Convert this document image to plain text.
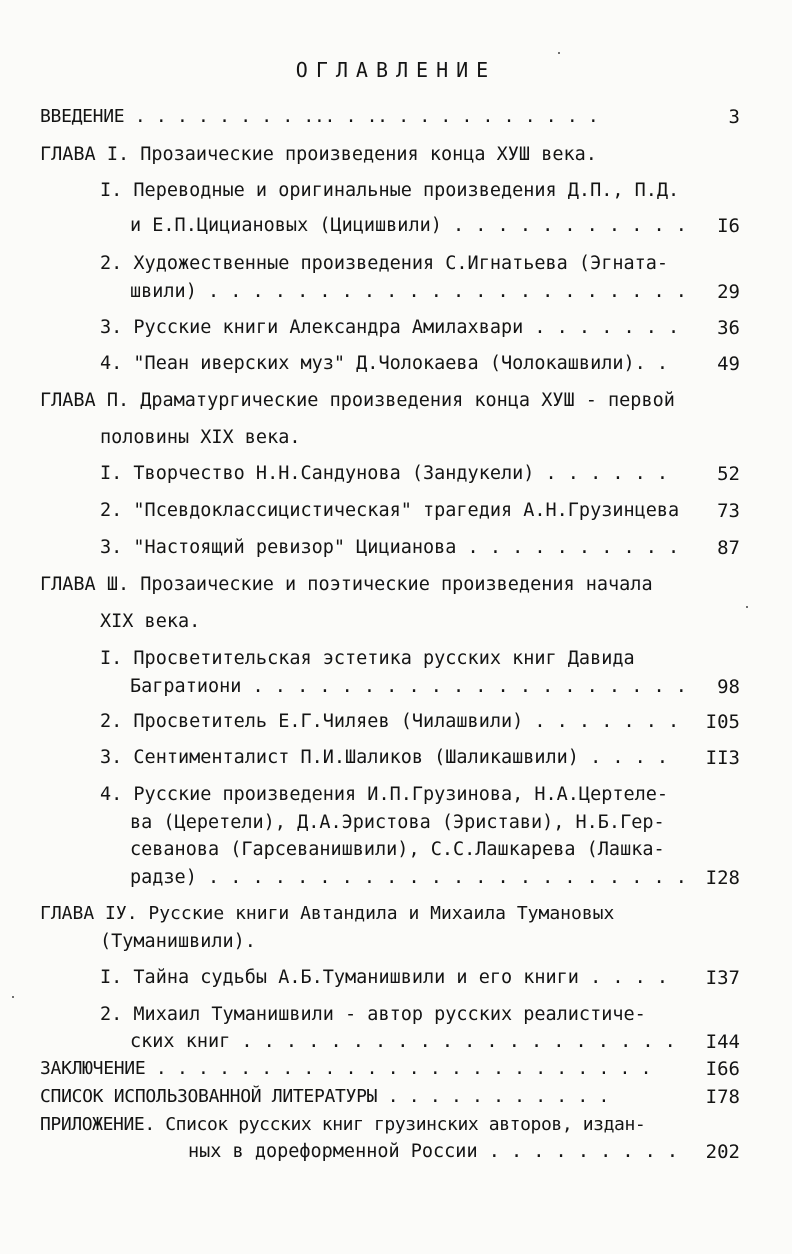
ОГЛАВЛЕНИЕ
ВВЕДЕНИЕ . . . . . . . . ... . .. . . . . . . . . . .	3
ГЛАВА I. Прозаические произведения конца ХУШ века.
I. Переводные и оригинальные произведения Д.П., П.Д.
и Е.П.Цициановых (Цицишвили) . . . . . . . . . . . I6
2. Художественные произведения С.Игнатьева (Эгната-
швили) . . . . . . . . . . . . . . . . . . . . . . 29
3. Русские книги Александра Амилахвари . . . . . . . 36
4. "Пеан иверских муз" Д.Чолокаева (Чолокашвили). .	49
ГЛАВА П. Драматургические произведения конца ХУШ - первой
половины XIX века.
I. Творчество Н.Н.Сандунова (Зандукели) . . . . . .	52
2. "Псевдоклассицистическая" трагедия А.Н.Грузинцева 73
3. "Настоящий ревизор" Цицианова . . . . . . . . . . 87
ГЛАВА Ш. Прозаические и поэтические произведения начала
XIX века.
I. Просветительская эстетика русских книг Давида
Багратиони . . . . . . . . . . . . . . . . . . . . 98
2. Просветитель Е.Г.Чиляев (Чилашвили) . . . . . . . I05
3. Сентименталист П.И.Шаликов (Шаликашвили) . . . . II3
4. Русские произведения И.П.Грузинова, Н.А.Цертеле-
ва (Церетели), Д.А.Эристова (Эристави), Н.Б.Гер-
севанова (Гарсеванишвили), С.С.Лашкарева (Лашка-
радзе) . . . . . . . . . . . . . . . . . . . . . . I28
ГЛАВА IУ. Русские книги Автандила и Михаила Тумановых
(Туманишвили).
I. Тайна судьбы А.Б.Туманишвили и его книги . . . . I37
2. Михаил Туманишвили - автор русских реалистиче-
ских книг . . . . . . . . . . . . . . . . . . . . I44
ЗАКЛЮЧЕНИЕ . . . . . . . . . . . . . . . . . . . . . . . .	I66
СПИСОК ИСПОЛЬЗОВАННОЙ ЛИТЕРАТУРЫ . . . . . . . . . . .	I78
ПРИЛОЖЕНИЕ. Список русских книг грузинских авторов, издан-
ных в дореформенной России . . . . . . . . . 202
